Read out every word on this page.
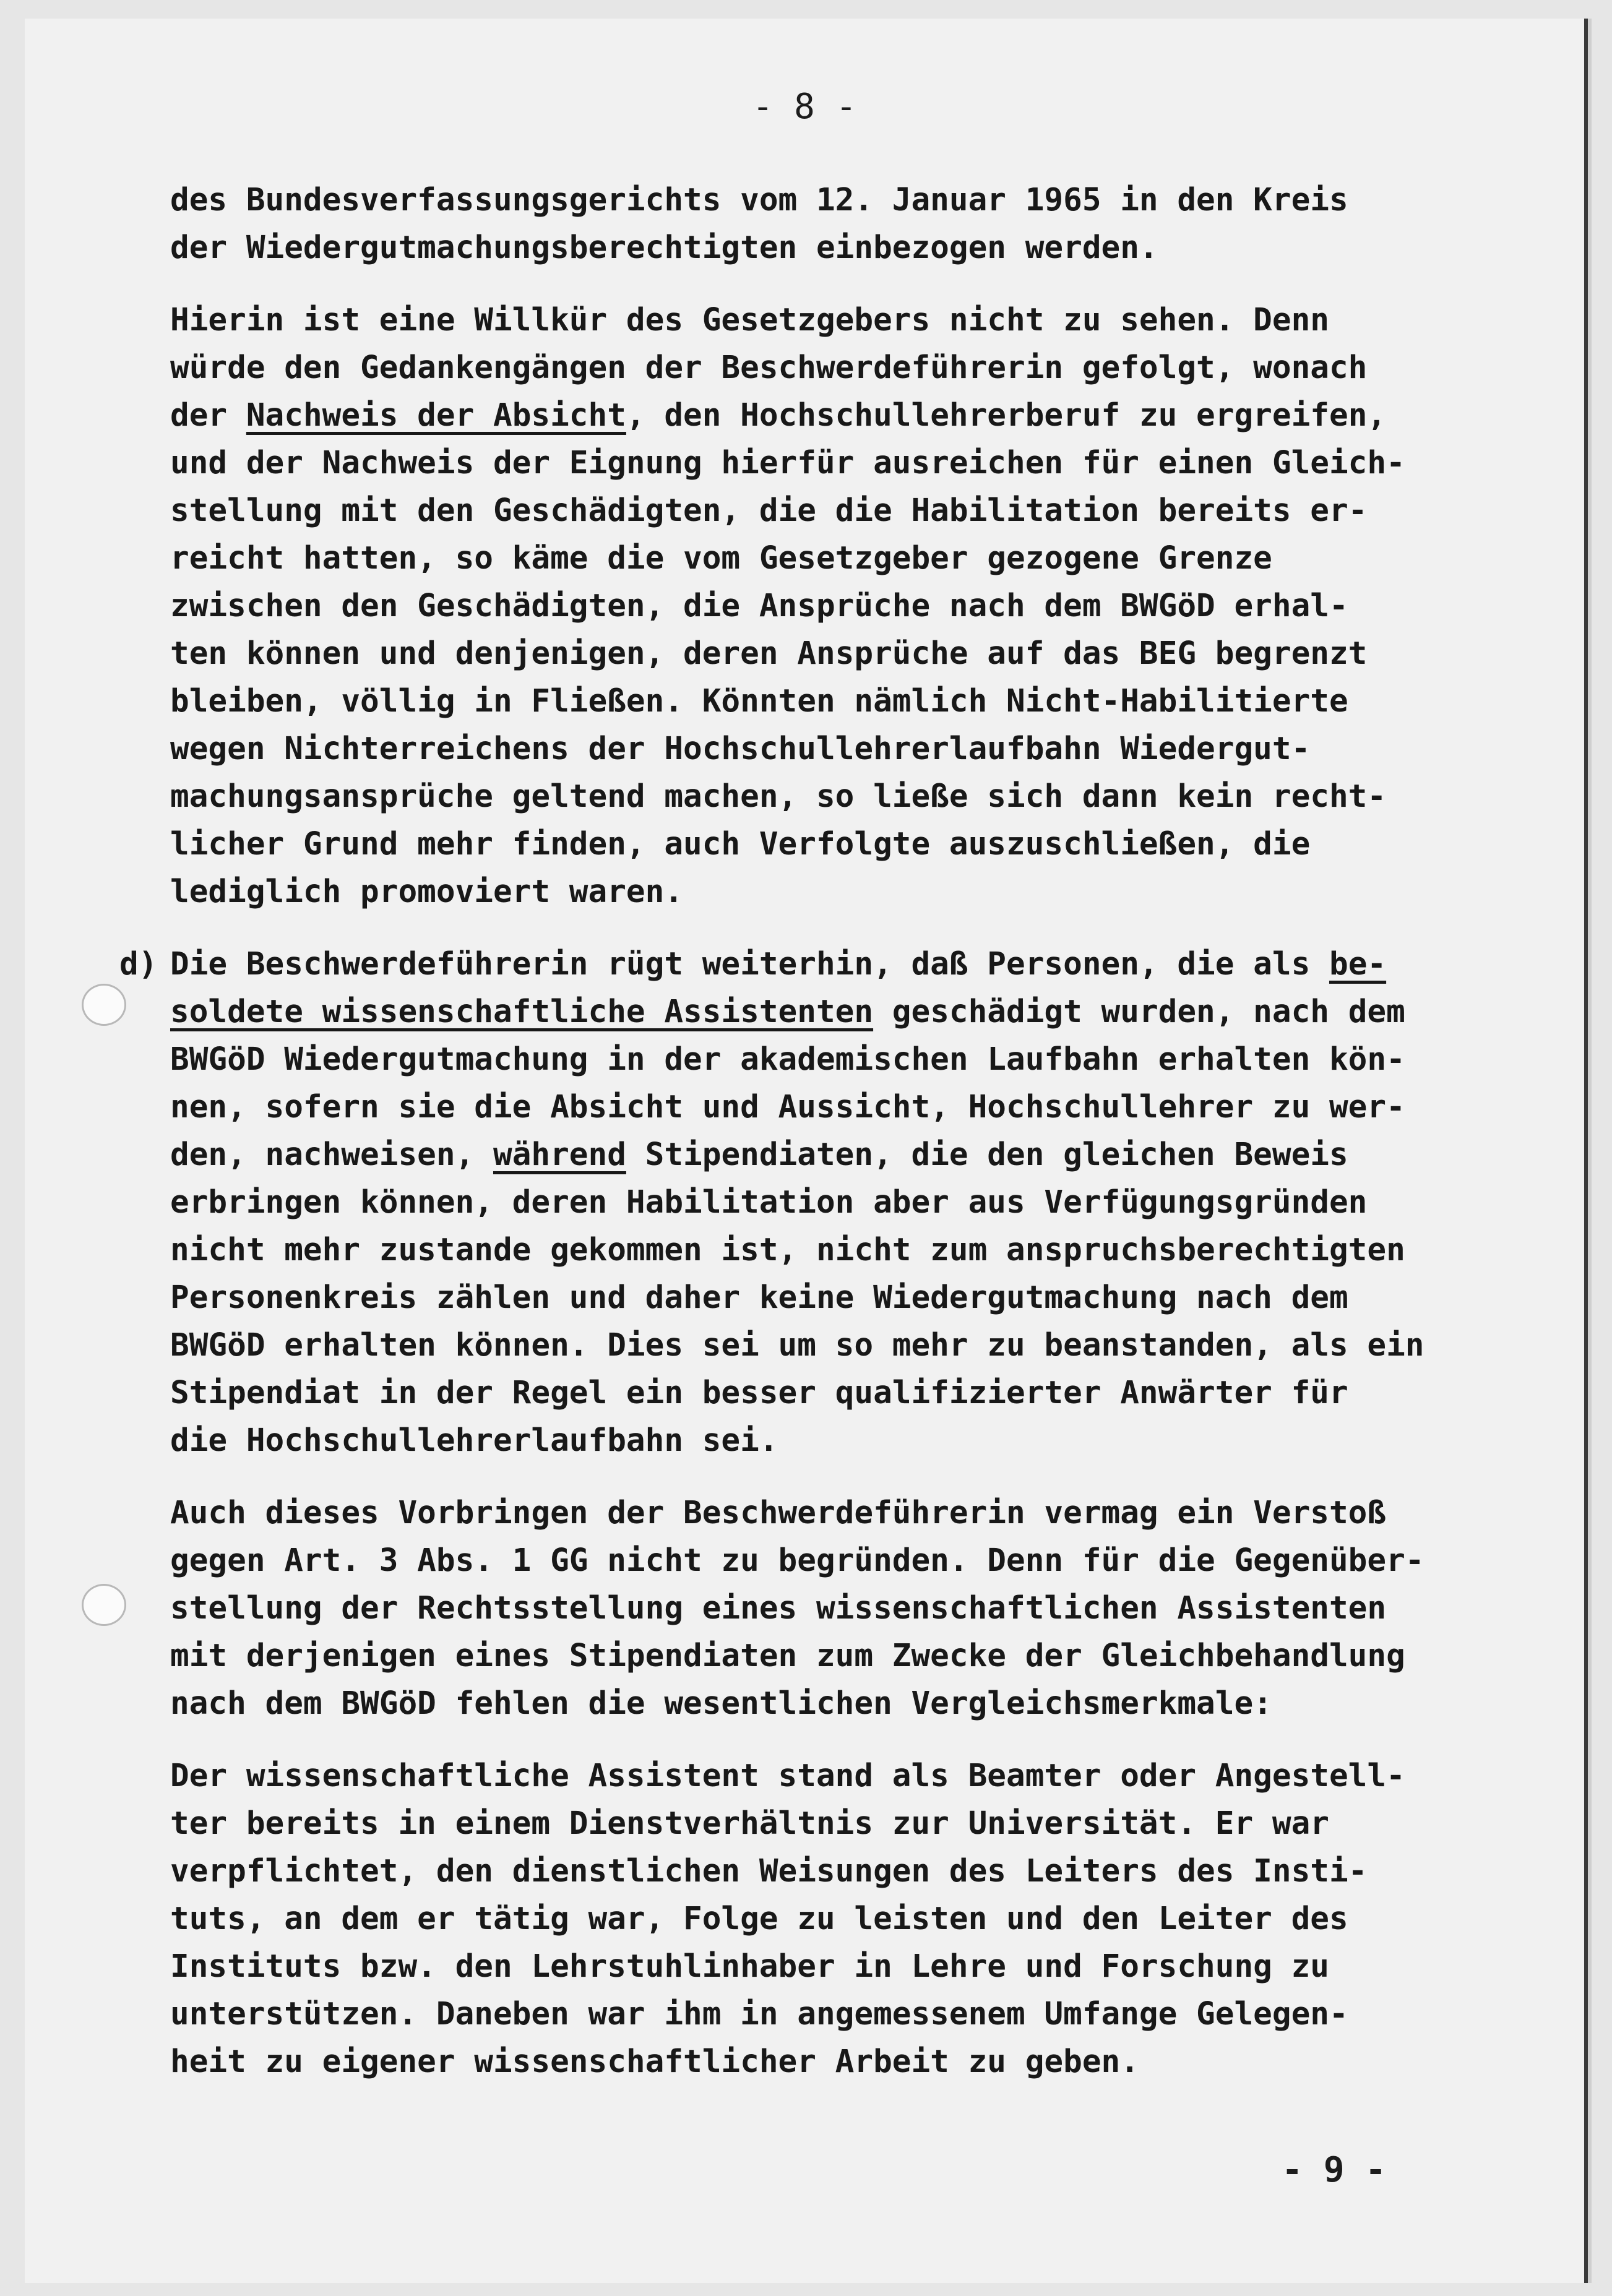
- 8 -

des Bundesverfassungsgerichts vom 12. Januar 1965 in den Kreis
der Wiedergutmachungsberechtigten einbezogen werden.

Hierin ist eine Willkür des Gesetzgebers nicht zu sehen. Denn
würde den Gedankengängen der Beschwerdeführerin gefolgt, wonach
der Nachweis der Absicht, den Hochschullehrerberuf zu ergreifen,
und der Nachweis der Eignung hierfür ausreichen für einen Gleich-
stellung mit den Geschädigten, die die Habilitation bereits er-
reicht hatten, so käme die vom Gesetzgeber gezogene Grenze
zwischen den Geschädigten, die Ansprüche nach dem BWGöD erhal-
ten können und denjenigen, deren Ansprüche auf das BEG begrenzt
bleiben, völlig in Fließen. Könnten nämlich Nicht-Habilitierte
wegen Nichterreichens der Hochschullehrerlaufbahn Wiedergut-
machungsansprüche geltend machen, so ließe sich dann kein recht-
licher Grund mehr finden, auch Verfolgte auszuschließen, die
lediglich promoviert waren.

d) Die Beschwerdeführerin rügt weiterhin, daß Personen, die als be-
soldete wissenschaftliche Assistenten geschädigt wurden, nach dem
BWGöD Wiedergutmachung in der akademischen Laufbahn erhalten kön-
nen, sofern sie die Absicht und Aussicht, Hochschullehrer zu wer-
den, nachweisen, während Stipendiaten, die den gleichen Beweis
erbringen können, deren Habilitation aber aus Verfügungsgründen
nicht mehr zustande gekommen ist, nicht zum anspruchsberechtigten
Personenkreis zählen und daher keine Wiedergutmachung nach dem
BWGöD erhalten können. Dies sei um so mehr zu beanstanden, als ein
Stipendiat in der Regel ein besser qualifizierter Anwärter für
die Hochschullehrerlaufbahn sei.

Auch dieses Vorbringen der Beschwerdeführerin vermag ein Verstoß
gegen Art. 3 Abs. 1 GG nicht zu begründen. Denn für die Gegenüber-
stellung der Rechtsstellung eines wissenschaftlichen Assistenten
mit derjenigen eines Stipendiaten zum Zwecke der Gleichbehandlung
nach dem BWGöD fehlen die wesentlichen Vergleichsmerkmale:

Der wissenschaftliche Assistent stand als Beamter oder Angestell-
ter bereits in einem Dienstverhältnis zur Universität. Er war
verpflichtet, den dienstlichen Weisungen des Leiters des Insti-
tuts, an dem er tätig war, Folge zu leisten und den Leiter des
Instituts bzw. den Lehrstuhlinhaber in Lehre und Forschung zu
unterstützen. Daneben war ihm in angemessenem Umfange Gelegen-
heit zu eigener wissenschaftlicher Arbeit zu geben.

- 9 -
